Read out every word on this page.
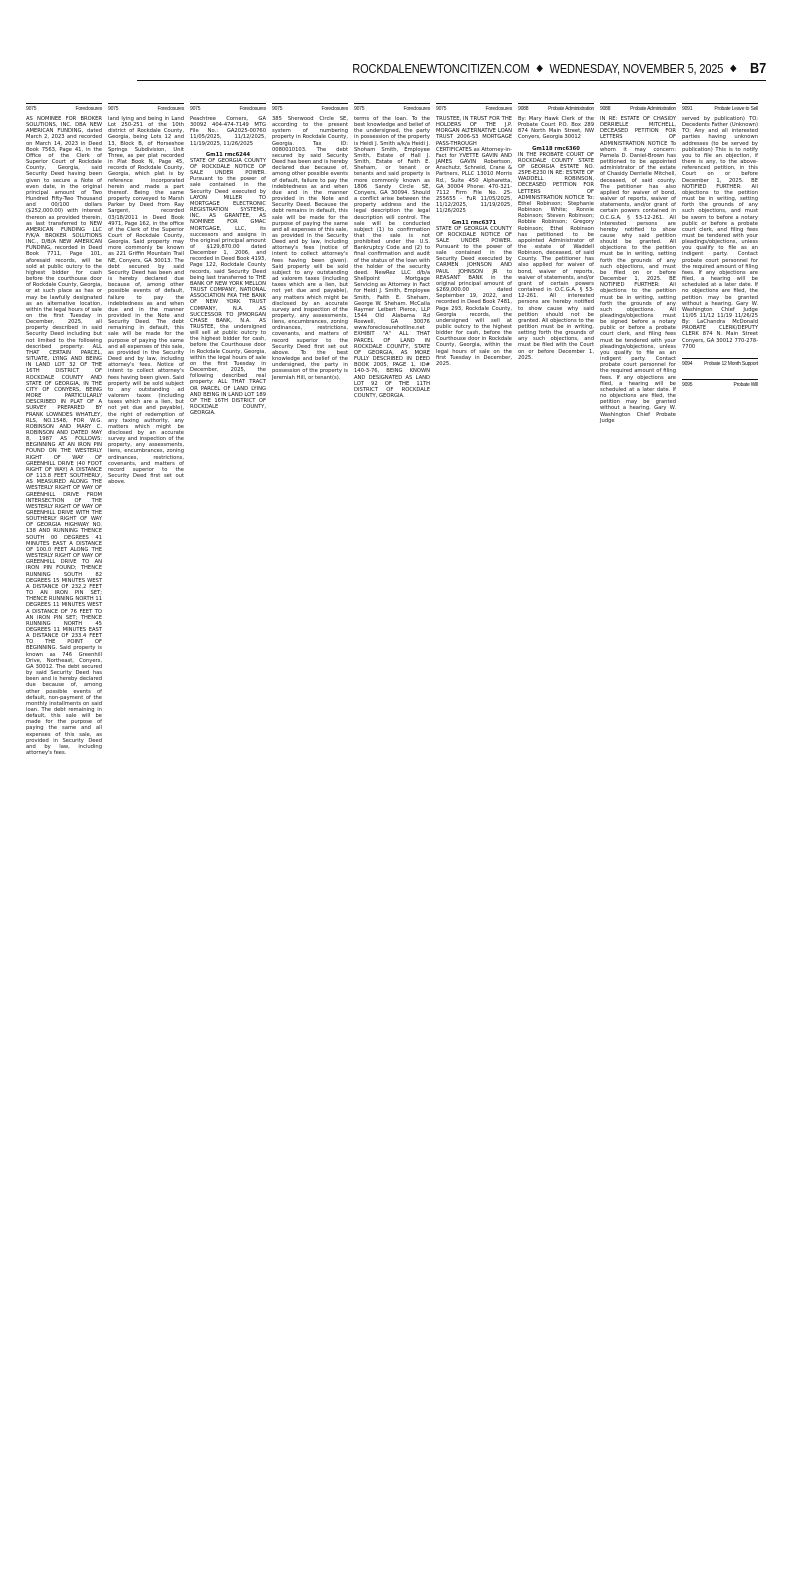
ROCKDALENEWTONCITIZEN.COM ◆ WEDNESDAY, NOVEMBER 5, 2025 ◆ B7
9075	Foreclosures
AS NOMINEE FOR BROKER SOLUTIONS, INC. DBA NEW AMERICAN FUNDING, dated March 2, 2023 and recorded on March 14, 2023 in Deed Book 7563, Page 41, in the Office of the Clerk of Superior Court of Rockdale County, Georgia, said Security Deed having been given to secure a Note of even date, in the original principal amount of Two Hundred Fifty-Two Thousand and 00/100 dollars ($252,000.00) with interest thereon as provided therein, as last transferred to NEW AMERICAN FUNDING LLC F/K/A BROKER SOLUTIONS INC., D/B/A NEW AMERICAN FUNDING, recorded in Deed Book 7711, Page 101, aforesaid records, will be sold at public outcry to the highest bidder for cash before the courthouse door of Rockdale County, Georgia, or at such place as has or may be lawfully designated as an alternative location, within the legal hours of sale on the first Tuesday in December, 2025, all property described in said Security Deed including but not limited to the following described property: ALL THAT CERTAIN PARCEL, SITUATE, LYING AND BEING IN LAND LOT 32 OF THE 16TH DISTRICT OF ROCKDALE COUNTY AND STATE OF GEORGIA, IN THE CITY OF CONYERS, BEING MORE PARTICULARLY DESCRIBED IN PLAT OF A SURVEY PREPARED BY FRANK LOWNDES WHATLEY, RLS, NO.1548, FOR W.G. ROBINSON AND MARY C. ROBINSON AND DATED MAY 8, 1987 AS FOLLOWS: BEGINNING AT AN IRON PIN FOUND ON THE WESTERLY RIGHT OF WAY OF GREENHILL DRIVE (40 FOOT RIGHT OF WAY) A DISTANCE OF 113.8 FEET SOUTHERLY, AS MEASURED ALONG THE WESTERLY RIGHT OF WAY OF GREENHILL DRIVE FROM INTERSECTION OF THE WESTERLY RIGHT OF WAY OF GREENHILL DRIVE WITH THE SOUTHERLY RIGHT OF WAY OF GEORGIA HIGHWAY NO. 138 AND RUNNING THENCE SOUTH 00 DEGREES 41 MINUTES EAST A DISTANCE OF 100.0 FEET ALONG THE WESTERLY RIGHT OF WAY OF GREENHILL DRIVE TO AN IRON PIN FOUND; THENCE RUNNING SOUTH 82 DEGREES 15 MINUTES WEST A DISTANCE OF 232.2 FEET TO AN IRON PIN SET; THENCE RUNNING NORTH 11 DEGREES 11 MINUTES WEST A DISTANCE OF 76 FEET TO AN IRON PIN SET; THENCE RUNNING NORTH 45 DEGREES 11 MINUTES EAST A DISTANCE OF 233.4 FEET TO THE POINT OF BEGINNING. Said property is known as 746 Greenhill Drive, Northeast, Conyers, GA 30012. The debt secured by said Security Deed has been and is hereby declared due because of, among other possible events of default, non-payment of the monthly installments on said loan. The debt remaining in default, this sale will be made for the purpose of paying the same and all expenses of this sale, as provided in Security Deed and by law, including attorney's fees.
9075	Foreclosures
land lying and being in Land Lot 250-251 of the 10th district of Rockdale County, Georgia, being Lots 12 and 13, Block B, of Horseshoe Springs Subdivision, Unit Three, as per plat recorded in Plat Book N, Page 45, records of Rockdale County, Georgia, which plat is by reference incorporated herein and made a part thereof. Being the same property conveyed to Marsh Parker by Deed from Ray Sargent, recorded 03/18/2011 in Deed Book 4971, Page 162, in the office of the Clerk of the Superior Court of Rockdale County, Georgia. Said property may more commonly be known as 221 Griffin Mountain Trail NE, Conyers, GA 30013. The debt secured by said Security Deed has been and is hereby declared due because of, among other possible events of default, failure to pay the indebtedness as and when due and in the manner provided in the Note and Security Deed. The debt remaining in default, this sale will be made for the purpose of paying the same and all expenses of this sale, as provided in the Security Deed and by law, including attorney's fees. Notice of intent to collect attorney's fees having been given. Said property will be sold subject to any outstanding ad valorem taxes (including taxes which are a lien, but not yet due and payable), the right of redemption of any taxing authority, any matters which might be disclosed by an accurate survey and inspection of the property, any assessments, liens, encumbrances, zoning ordinances, restrictions, covenants, and matters of record superior to the Security Deed first set out above.
9075	Foreclosures
Peachtree Corners, GA 30092 404-474-7149 MTG File No.: GA2025-00760 11/05/2025, 11/12/2025, 11/19/2025, 11/26/2025
Gm11 rmc6244
STATE OF GEORGIA COUNTY OF ROCKDALE NOTICE OF SALE UNDER POWER. Pursuant to the power of sale contained in the Security Deed executed by LAYON MILLER TO MORTGAGE ELECTRONIC REGISTRATION SYSTEMS, INC. AS GRANTEE, AS NOMINEE FOR GMAC MORTGAGE, LLC, its successors and assigns in the original principal amount of $129,870.00 dated December 1, 2006, and recorded in Deed Book 4193, Page 122, Rockdale County records, said Security Deed being last transferred to THE BANK OF NEW YORK MELLON TRUST COMPANY, NATIONAL ASSOCIATION FKA THE BANK OF NEW YORK TRUST COMPANY, N.A. AS SUCCESSOR TO JPMORGAN CHASE BANK, N.A. AS TRUSTEE, the undersigned will sell at public outcry to the highest bidder for cash, before the Courthouse door in Rockdale County, Georgia, within the legal hours of sale on the first Tuesday in December, 2025, the following described real property: ALL THAT TRACT OR PARCEL OF LAND LYING AND BEING IN LAND LOT 189 OF THE 16TH DISTRICT OF ROCKDALE COUNTY, GEORGIA.
9075	Foreclosures
385 Sherwood Circle SE, according to the present system of numbering property in Rockdale County, Georgia. Tax ID: 0080010103. The debt secured by said Security Deed has been and is hereby declared due because of, among other possible events of default, failure to pay the indebtedness as and when due and in the manner provided in the Note and Security Deed. Because the debt remains in default, this sale will be made for the purpose of paying the same and all expenses of this sale, as provided in the Security Deed and by law, including attorney's fees (notice of intent to collect attorney's fees having been given). Said property will be sold subject to any outstanding ad valorem taxes (including taxes which are a lien, but not yet due and payable), any matters which might be disclosed by an accurate survey and inspection of the property, any assessments, liens, encumbrances, zoning ordinances, restrictions, covenants, and matters of record superior to the Security Deed first set out above. To the best knowledge and belief of the undersigned, the party in possession of the property is Jeremiah Hill, or tenant(s).
9075	Foreclosures
terms of the loan. To the best knowledge and belief of the undersigned, the party in possession of the property is Heidi J. Smith a/k/a Heidi J. Shoham Smith, Employee Smith, Estate of Hall J. Smith, Estate of Faith E. Sheham, or tenant or tenants and said property is more commonly known as 1806 Sandy Circle SE, Conyers, GA 30094. Should a conflict arise between the property address and the legal description the legal description will control. The sale will be conducted subject (1) to confirmation that the sale is not prohibited under the U.S. Bankruptcy Code and (2) to final confirmation and audit of the status of the loan with the holder of the security deed. NewRez LLC d/b/a Shellpoint Mortgage Servicing as Attorney in Fact for Heidi J. Smith, Employee Smith, Faith E. Sheham, George W. Sheham. McCalla Raymer Leibert Pierce, LLP 1544 Old Alabama Rd Roswell, GA 30076 www.foreclosurehotline.net EXHIBIT "A" ALL THAT PARCEL OF LAND IN ROCKDALE COUNTY, STATE OF GEORGIA, AS MORE FULLY DESCRIBED IN DEED BOOK 2005, PAGE 1, ID# 140-3-76, BEING KNOWN AND DESIGNATED AS LAND LOT 92 OF THE 11TH DISTRICT OF ROCKDALE COUNTY, GEORGIA.
9075	Foreclosures
TRUSTEE, IN TRUST FOR THE HOLDERS OF THE J.P. MORGAN ALTERNATIVE LOAN TRUST 2006-S3 MORTGAGE PASS-THROUGH CERTIFICATES as Attorney-in-Fact for YVETTE GAVIN AND JAMES GAVIN Robertson, Anschutz, Schneid, Crane & Partners, PLLC 13010 Morris Rd., Suite 450 Alpharetta, GA 30004 Phone: 470-321-7112 Firm File No. 25-255655 - FuR 11/05/2025, 11/12/2025, 11/19/2025, 11/26/2025
Gm11 rmc6371
STATE OF GEORGIA COUNTY OF ROCKDALE NOTICE OF SALE UNDER POWER. Pursuant to the power of sale contained in the Security Deed executed by CARMEN JOHNSON AND PAUL JOHNSON JR to REASANT BANK in the original principal amount of $269,000.00 dated September 19, 2022, and recorded in Deed Book 7481, Page 293, Rockdale County, Georgia records, the undersigned will sell at public outcry to the highest bidder for cash, before the Courthouse door in Rockdale County, Georgia, within the legal hours of sale on the first Tuesday in December, 2025.
9088	Probate Administration
By: Mary Hawk Clerk of the Probate Court P.O. Box 289 874 North Main Street, NW Conyers, Georgia 30012
Gm118 rmc6360
IN THE PROBATE COURT OF ROCKDALE COUNTY STATE OF GEORGIA ESTATE NO. 25PE-E230 IN RE: ESTATE OF WADDELL ROBINSON, DECEASED PETITION FOR LETTERS OF ADMINISTRATION NOTICE To: Ethel Robinson; Stephanie Robinson White; Ronnie Robinson; Steven Robinson; Robbie Robinson; Gregory Robinson; Ethel Robinson has petitioned to be appointed Administrator of the estate of Waddell Robinson, deceased, of said County. The petitioner has also applied for waiver of bond, waiver of reports, waiver of statements, and/or grant of certain powers contained in O.C.G.A. § 53-12-261. All interested persons are hereby notified to show cause why said petition should not be granted. All objections to the petition must be in writing, setting forth the grounds of any such objections, and must be filed with the Court on or before December 1, 2025.
9088	Probate Administration
IN RE: ESTATE OF CHASIDY DERRIELLE MITCHELL, DECEASED PETITION FOR LETTERS OF ADMINISTRATION NOTICE To whom it may concern: Pamela D. Daniel-Brown has petitioned to be appointed administrator of the estate of Chasidy Derrielle Mitchell, deceased, of said county. The petitioner has also applied for waiver of bond, waiver of reports, waiver of statements, and/or grant of certain powers contained in O.C.G.A. § 53-12-261. All interested persons are hereby notified to show cause why said petition should be granted. All objections to the petition must be in writing, setting forth the grounds of any such objections, and must be filed on or before December 1, 2025. BE NOTIFIED FURTHER: All objections to the petition must be in writing, setting forth the grounds of any such objections. All pleadings/objections must be signed before a notary public or before a probate court clerk, and filing fees must be tendered with your pleadings/objections, unless you qualify to file as an indigent party. Contact probate court personnel for the required amount of filing fees. If any objections are filed, a hearing will be scheduled at a later date. If no objections are filed, the petition may be granted without a hearing. Gary W. Washington Chief Probate Judge
9091	Probate Leave to Sell
served by publication) TO: Decedents Father (Unknown) TO: Any and all interested parties having unknown addresses (to be served by publication) This is to notify you to file an objection, if there is any, to the above-referenced petition, in this Court on or before December 1, 2025. BE NOTIFIED FURTHER: All objections to the petition must be in writing, setting forth the grounds of any such objections, and must be sworn to before a notary public or before a probate court clerk, and filing fees must be tendered with your pleadings/objections, unless you qualify to file as an indigent party. Contact probate court personnel for the required amount of filing fees. If any objections are filed, a hearing will be scheduled at a later date. If no objections are filed, the petition may be granted without a hearing. Gary W. Washington Chief Judge 11/05 11/12 11/19 11/26/25 By: LaChandra McDonald PROBATE CLERK/DEPUTY CLERK 874 N. Main Street Conyers, GA 30012 770-278-7700
9094 Probate 12 Month Support
9095	Probate Will
